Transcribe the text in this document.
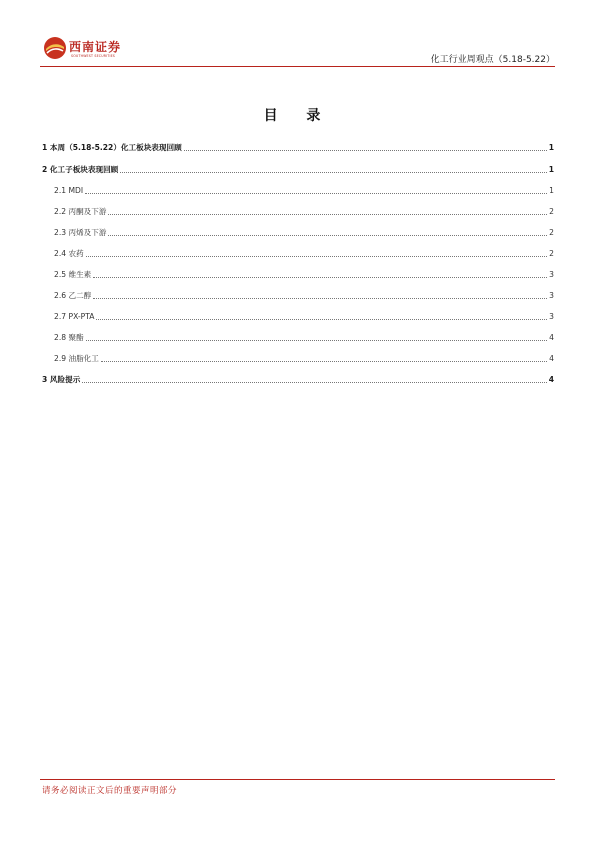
西南证券
SOUTHWEST SECURITIES	化工行业周观点（5.18-5.22）
目 录
1 本周（5.18-5.22）化工板块表现回顾	1
2 化工子板块表现回顾	1
2.1 MDI	1
2.2 丙酮及下游	2
2.3 丙烯及下游	2
2.4 农药	2
2.5 维生素	3
2.6 乙二醇	3
2.7 PX-PTA	3
2.8 聚酯	4
2.9 油脂化工	4
3 风险提示	4
请务必阅读正文后的重要声明部分
